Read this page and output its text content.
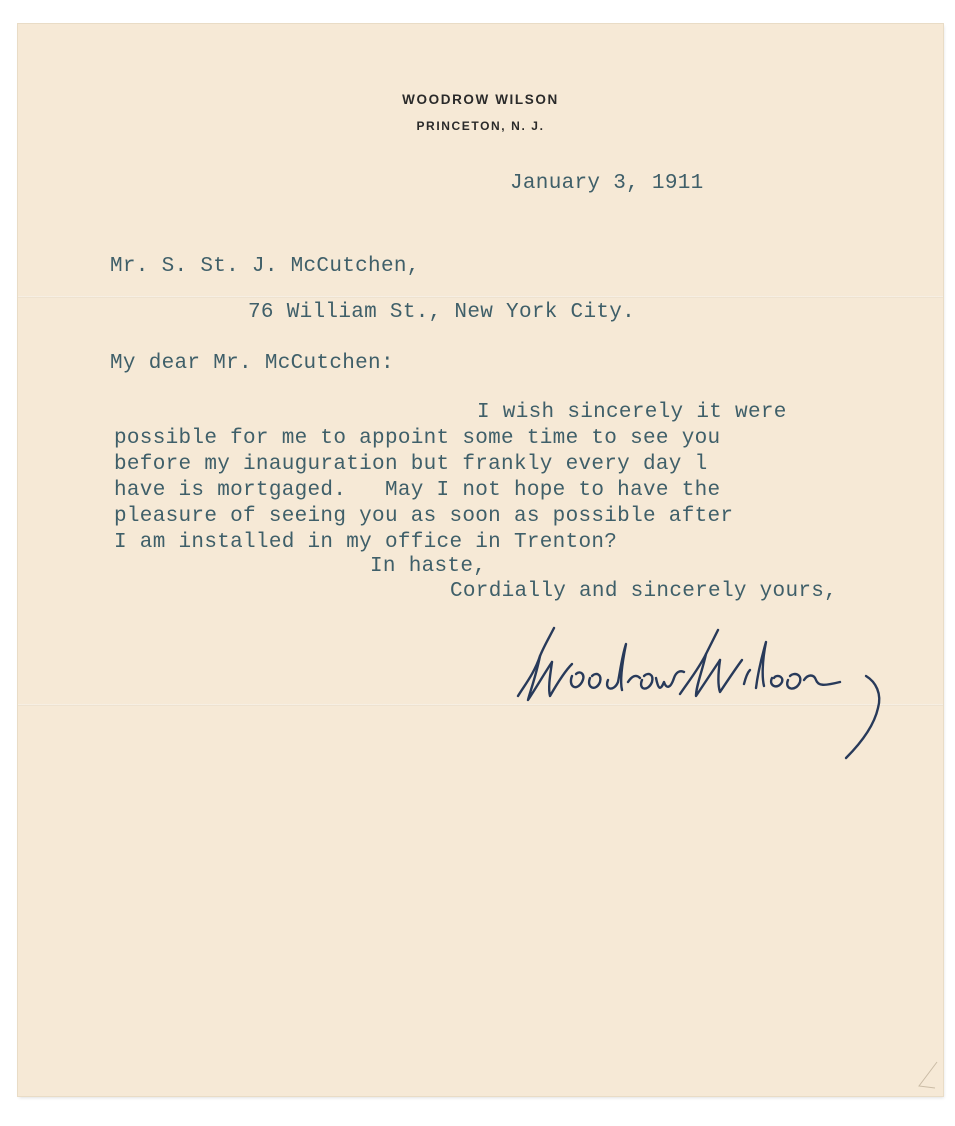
WOODROW WILSON
PRINCETON, N. J.
January 3, 1911
Mr. S. St. J. McCutchen,
76 William St., New York City.
My dear Mr. McCutchen:
I wish sincerely it were
possible for me to appoint some time to see you
before my inauguration but frankly every day l
have is mortgaged.   May I not hope to have the
pleasure of seeing you as soon as possible after
I am installed in my office in Trenton?
In haste,
Cordially and sincerely yours,
